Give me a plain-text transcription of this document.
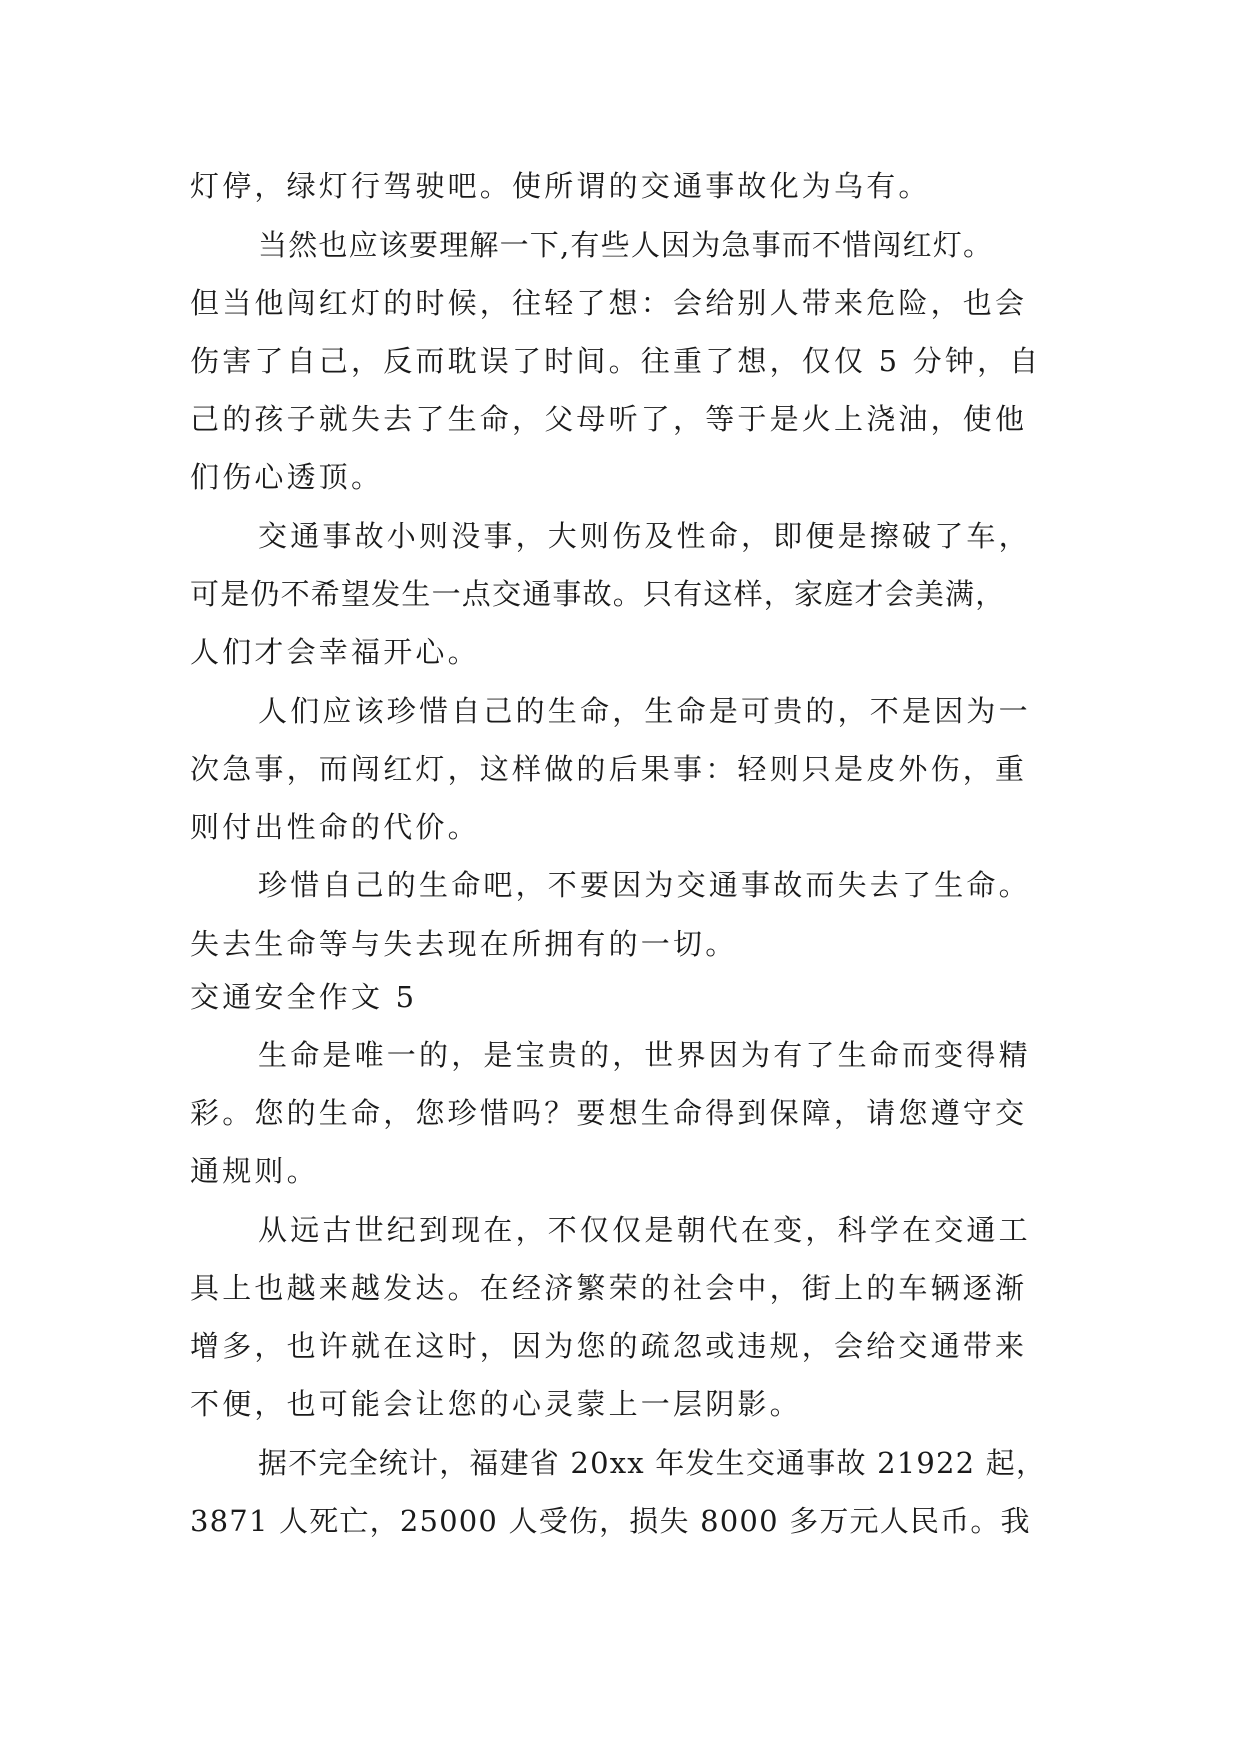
灯停，绿灯行驾驶吧。使所谓的交通事故化为乌有。
当然也应该要理解一下,有些人因为急事而不惜闯红灯。
但当他闯红灯的时候，往轻了想：会给别人带来危险，也会
伤害了自己，反而耽误了时间。往重了想，仅仅 5 分钟，自
己的孩子就失去了生命，父母听了，等于是火上浇油，使他
们伤心透顶。
交通事故小则没事，大则伤及性命，即便是擦破了车，
可是仍不希望发生一点交通事故。只有这样，家庭才会美满，
人们才会幸福开心。
人们应该珍惜自己的生命，生命是可贵的，不是因为一
次急事，而闯红灯，这样做的后果事：轻则只是皮外伤，重
则付出性命的代价。
珍惜自己的生命吧，不要因为交通事故而失去了生命。
失去生命等与失去现在所拥有的一切。
交通安全作文 5
生命是唯一的，是宝贵的，世界因为有了生命而变得精
彩。您的生命，您珍惜吗？要想生命得到保障，请您遵守交
通规则。
从远古世纪到现在，不仅仅是朝代在变，科学在交通工
具上也越来越发达。在经济繁荣的社会中，街上的车辆逐渐
增多，也许就在这时，因为您的疏忽或违规，会给交通带来
不便，也可能会让您的心灵蒙上一层阴影。
据不完全统计，福建省 20xx 年发生交通事故 21922 起，
3871 人死亡，25000 人受伤，损失 8000 多万元人民币。我
